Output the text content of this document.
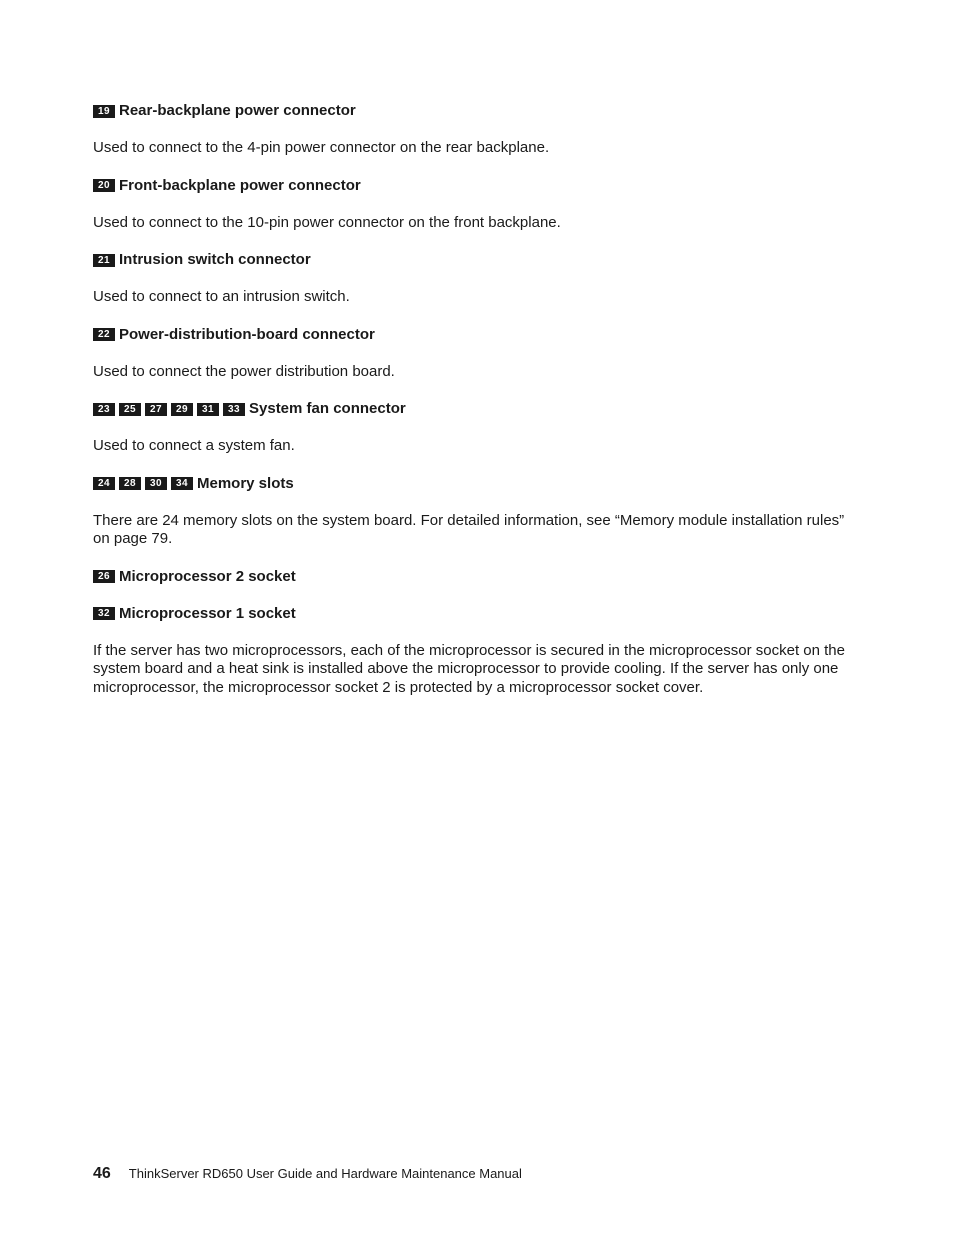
19 Rear-backplane power connector

Used to connect to the 4-pin power connector on the rear backplane.

20 Front-backplane power connector

Used to connect to the 10-pin power connector on the front backplane.

21 Intrusion switch connector

Used to connect to an intrusion switch.

22 Power-distribution-board connector

Used to connect the power distribution board.

23	25	27	29	31	33 System fan connector

Used to connect a system fan.

24	28	30	34 Memory slots

There are 24 memory slots on the system board. For detailed information, see “Memory module installation rules” on page 79.

26 Microprocessor 2 socket
32 Microprocessor 1 socket

If the server has two microprocessors, each of the microprocessor is secured in the microprocessor socket on the system board and a heat sink is installed above the microprocessor to provide cooling. If the server has only one microprocessor, the microprocessor socket 2 is protected by a microprocessor socket cover.

46 ThinkServer RD650 User Guide and Hardware Maintenance Manual
